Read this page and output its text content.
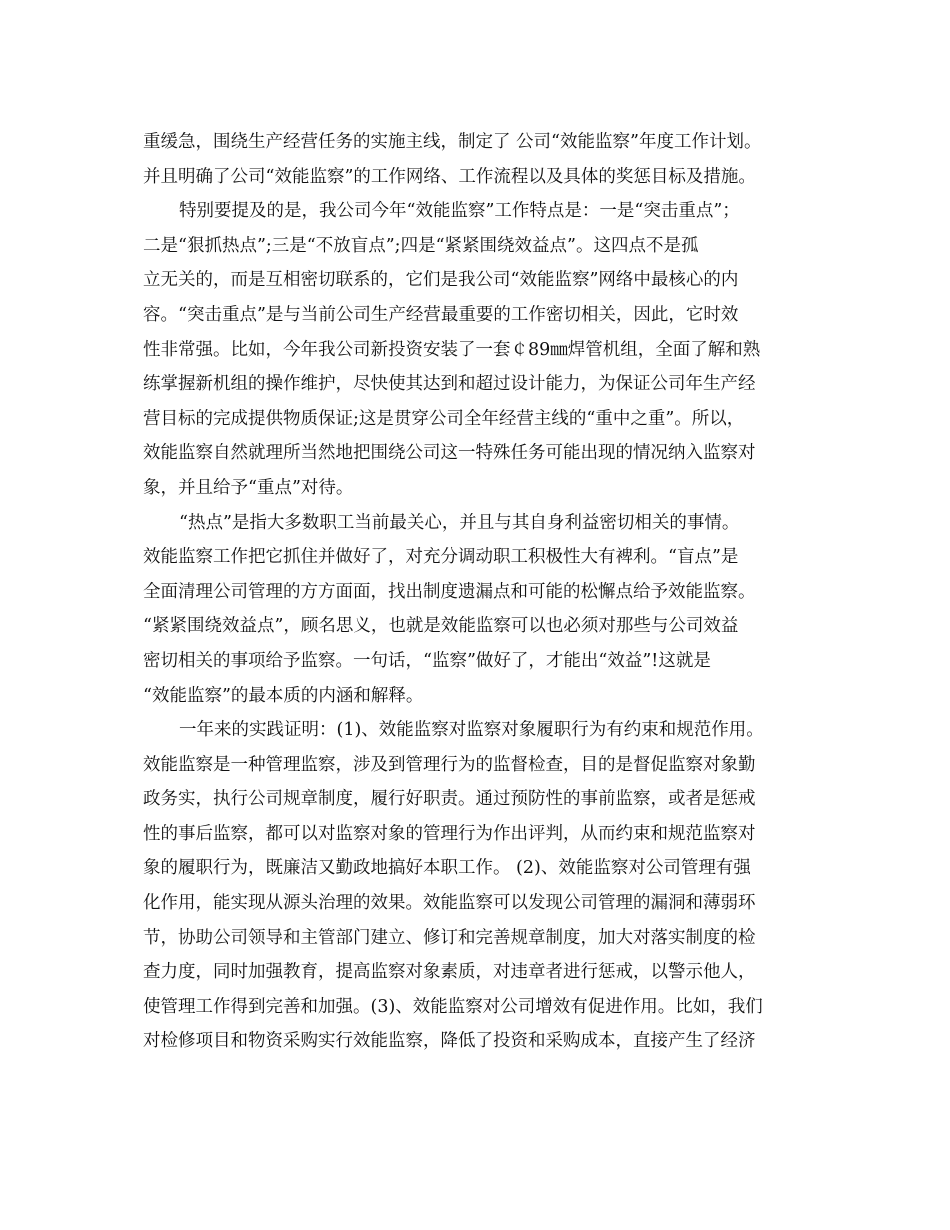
重缓急，围绕生产经营任务的实施主线，制定了 公司“效能监察”年度工作计划。
并且明确了公司“效能监察”的工作网络、工作流程以及具体的奖惩目标及措施。
特别要提及的是，我公司今年“效能监察”工作特点是：一是“突击重点”；
二是“狠抓热点”;三是“不放盲点”;四是“紧紧围绕效益点”。这四点不是孤
立无关的，而是互相密切联系的，它们是我公司“效能监察”网络中最核心的内
容。“突击重点”是与当前公司生产经营最重要的工作密切相关，因此，它时效
性非常强。比如，今年我公司新投资安装了一套￠89㎜焊管机组，全面了解和熟
练掌握新机组的操作维护，尽快使其达到和超过设计能力，为保证公司年生产经
营目标的完成提供物质保证;这是贯穿公司全年经营主线的“重中之重”。所以，
效能监察自然就理所当然地把围绕公司这一特殊任务可能出现的情况纳入监察对
象，并且给予“重点”对待。
“热点”是指大多数职工当前最关心，并且与其自身利益密切相关的事情。
效能监察工作把它抓住并做好了，对充分调动职工积极性大有裨利。“盲点”是
全面清理公司管理的方方面面，找出制度遗漏点和可能的松懈点给予效能监察。
“紧紧围绕效益点”，顾名思义，也就是效能监察可以也必须对那些与公司效益
密切相关的事项给予监察。一句话，“监察”做好了，才能出“效益”!这就是
“效能监察”的最本质的内涵和解释。
一年来的实践证明：(1)、效能监察对监察对象履职行为有约束和规范作用。
效能监察是一种管理监察，涉及到管理行为的监督检查，目的是督促监察对象勤
政务实，执行公司规章制度，履行好职责。通过预防性的事前监察，或者是惩戒
性的事后监察，都可以对监察对象的管理行为作出评判，从而约束和规范监察对
象的履职行为，既廉洁又勤政地搞好本职工作。 (2)、效能监察对公司管理有强
化作用，能实现从源头治理的效果。效能监察可以发现公司管理的漏洞和薄弱环
节，协助公司领导和主管部门建立、修订和完善规章制度，加大对落实制度的检
查力度，同时加强教育，提高监察对象素质，对违章者进行惩戒，以警示他人，
使管理工作得到完善和加强。(3)、效能监察对公司增效有促进作用。比如，我们
对检修项目和物资采购实行效能监察，降低了投资和采购成本，直接产生了经济
